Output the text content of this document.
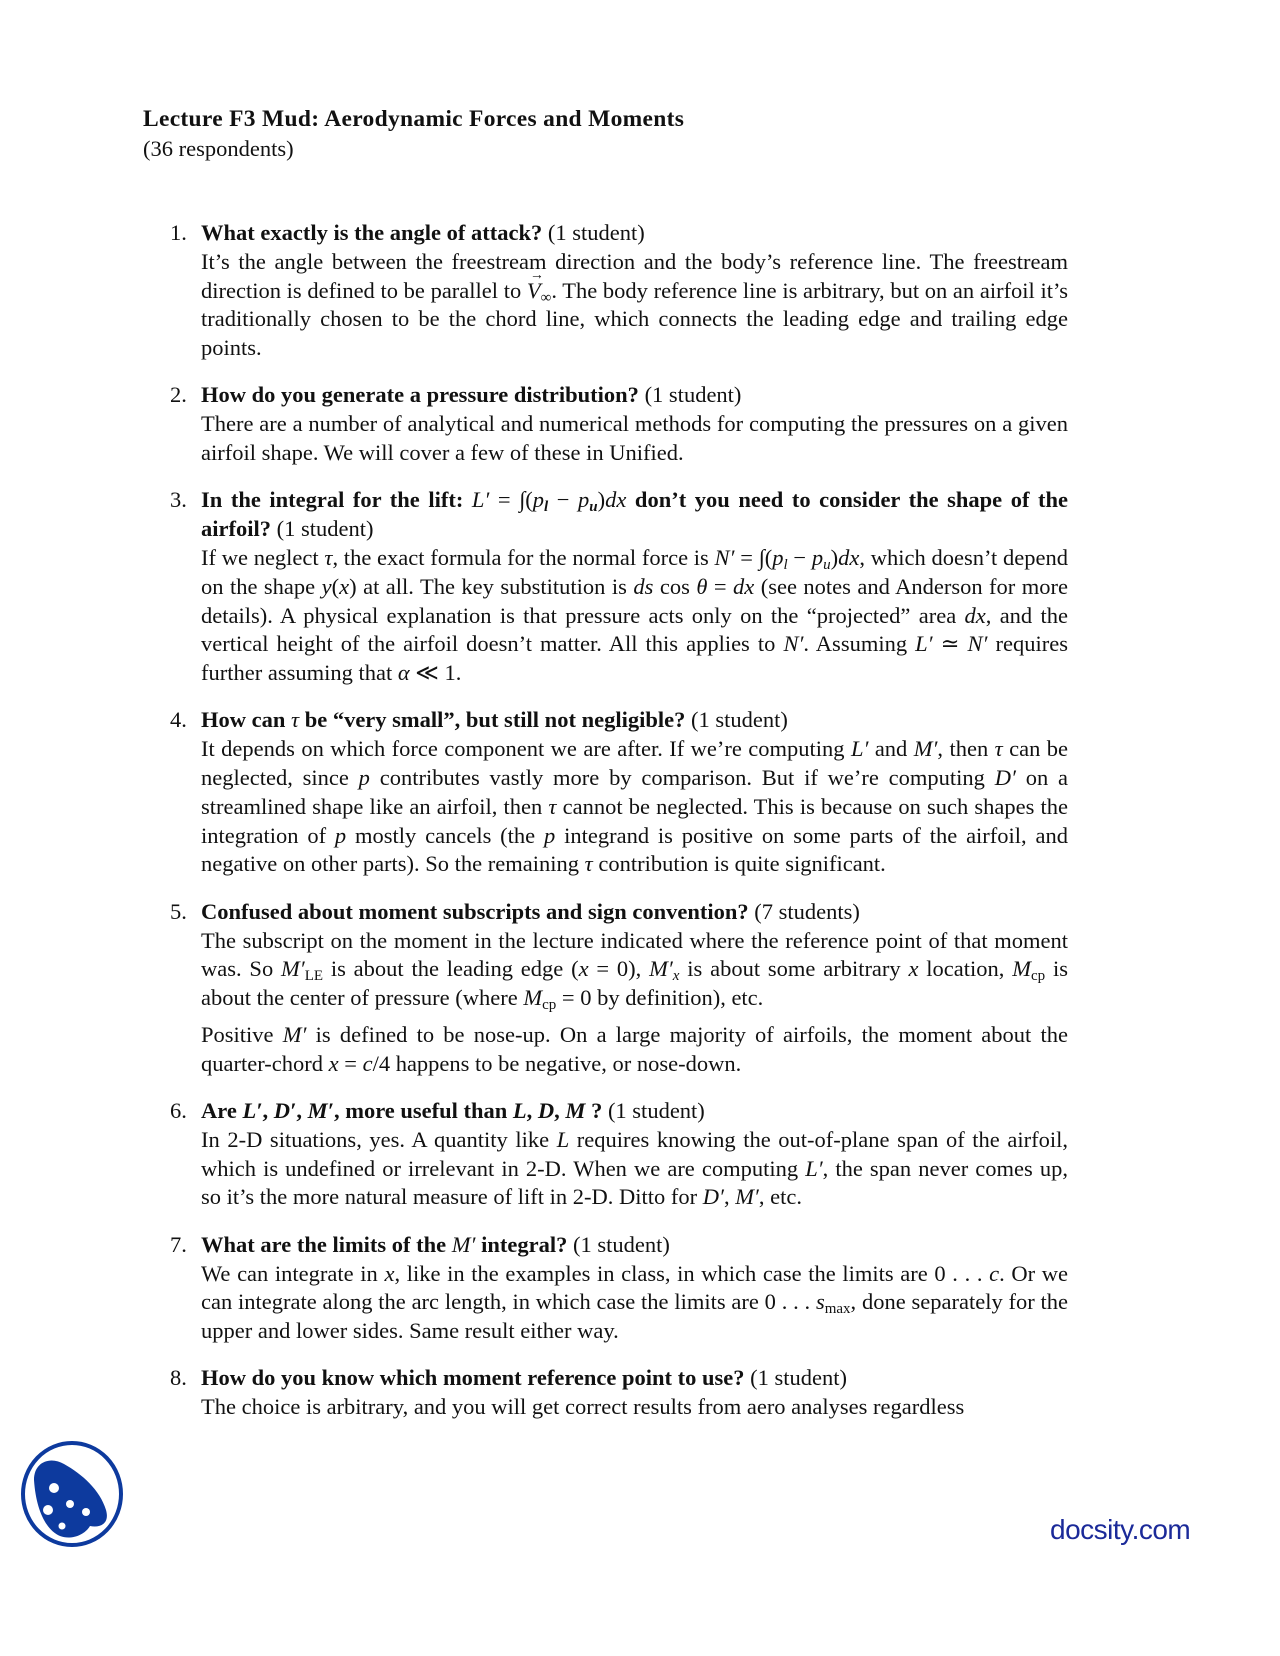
Lecture F3 Mud: Aerodynamic Forces and Moments
(36 respondents)
1. What exactly is the angle of attack? (1 student)
It’s the angle between the freestream direction and the body’s reference line. The freestream direction is defined to be parallel to → $V_\infty$. The body reference line is arbitrary, but on an airfoil it’s traditionally chosen to be the chord line, which connects the leading edge and trailing edge points.
2. How do you generate a pressure distribution? (1 student)
There are a number of analytical and numerical methods for computing the pressures on a given airfoil shape. We will cover a few of these in Unified.
3. In the integral for the lift: $L' = \int(p_l - p_u)dx$ don’t you need to consider the shape of the airfoil? (1 student)
If we neglect τ, the exact formula for the normal force is $N' = \int(p_l - p_u)dx$, which doesn’t depend on the shape y(x) at all. The key substitution is ds cos θ = dx (see notes and Anderson for more details). A physical explanation is that pressure acts only on the “projected” area dx, and the vertical height of the airfoil doesn’t matter. All this applies to N′. Assuming L′ ≃ N′ requires further assuming that α ≪ 1.
4. How can τ be “very small”, but still not negligible? (1 student)
It depends on which force component we are after. If we’re computing L′ and M′, then τ can be neglected, since p contributes vastly more by comparison. But if we’re computing D′ on a streamlined shape like an airfoil, then τ cannot be neglected. This is because on such shapes the integration of p mostly cancels (the p integrand is positive on some parts of the airfoil, and negative on other parts). So the remaining τ contribution is quite significant.
5. Confused about moment subscripts and sign convention? (7 students)
The subscript on the moment in the lecture indicated where the reference point of that moment was. So $M'_{LE}$ is about the leading edge (x = 0), $M'_x$ is about some arbitrary x location, $M_{cp}$ is about the center of pressure (where $M_{cp} = 0$ by definition), etc.
Positive M′ is defined to be nose-up. On a large majority of airfoils, the moment about the quarter-chord x = c/4 happens to be negative, or nose-down.
6. Are L′, D′, M′, more useful than L, D, M ? (1 student)
In 2-D situations, yes. A quantity like L requires knowing the out-of-plane span of the airfoil, which is undefined or irrelevant in 2-D. When we are computing L′, the span never comes up, so it’s the more natural measure of lift in 2-D. Ditto for D′, M′, etc.
7. What are the limits of the M′ integral? (1 student)
We can integrate in x, like in the examples in class, in which case the limits are 0 . . . c. Or we can integrate along the arc length, in which case the limits are 0 . . . $s_{max}$, done separately for the upper and lower sides. Same result either way.
8. How do you know which moment reference point to use? (1 student)
The choice is arbitrary, and you will get correct results from aero analyses regardless
docsity.com
